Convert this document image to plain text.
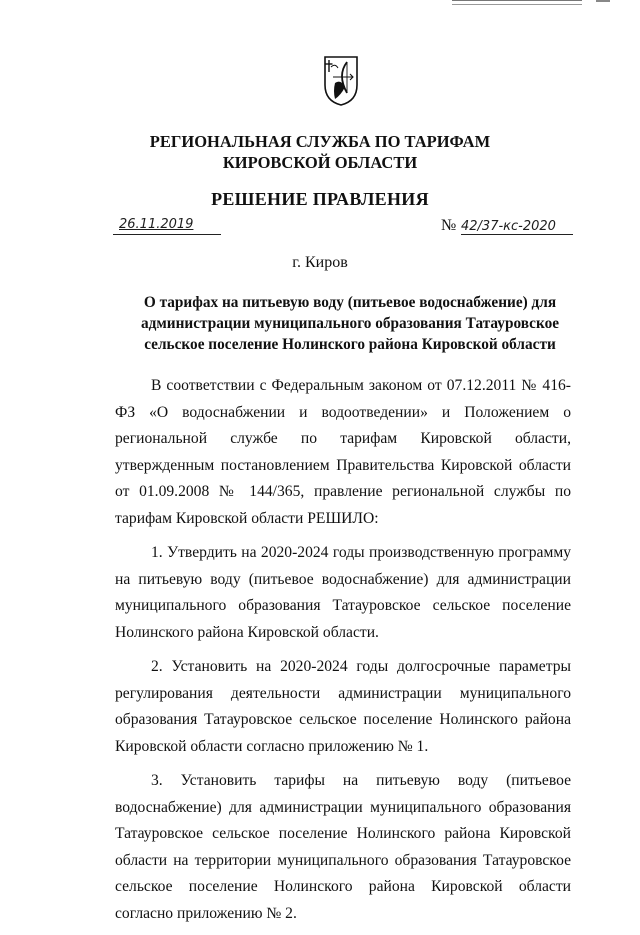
РЕГИОНАЛЬНАЯ СЛУЖБА ПО ТАРИФАМ
КИРОВСКОЙ ОБЛАСТИ
РЕШЕНИЕ ПРАВЛЕНИЯ
26.11.2019	№ 42/37-кс-2020
г. Киров
О тарифах на питьевую воду (питьевое водоснабжение) для администрации муниципального образования Татауровское сельское поселение Нолинского района Кировской области

В соответствии с Федеральным законом от 07.12.2011 № 416-ФЗ «О водоснабжении и водоотведении» и Положением о региональной службе по тарифам Кировской области, утвержденным постановлением Правительства Кировской области от 01.09.2008 № 144/365, правление региональной службы по тарифам Кировской области РЕШИЛО:

1. Утвердить на 2020-2024 годы производственную программу на питьевую воду (питьевое водоснабжение) для администрации муниципального образования Татауровское сельское поселение Нолинского района Кировской области.

2. Установить на 2020-2024 годы долгосрочные параметры регулирования деятельности администрации муниципального образования Татауровское сельское поселение Нолинского района Кировской области согласно приложению № 1.

3. Установить тарифы на питьевую воду (питьевое водоснабжение) для администрации муниципального образования Татауровское сельское поселение Нолинского района Кировской области на территории муниципального образования Татауровское сельское поселение Нолинского района Кировской области согласно приложению № 2.
